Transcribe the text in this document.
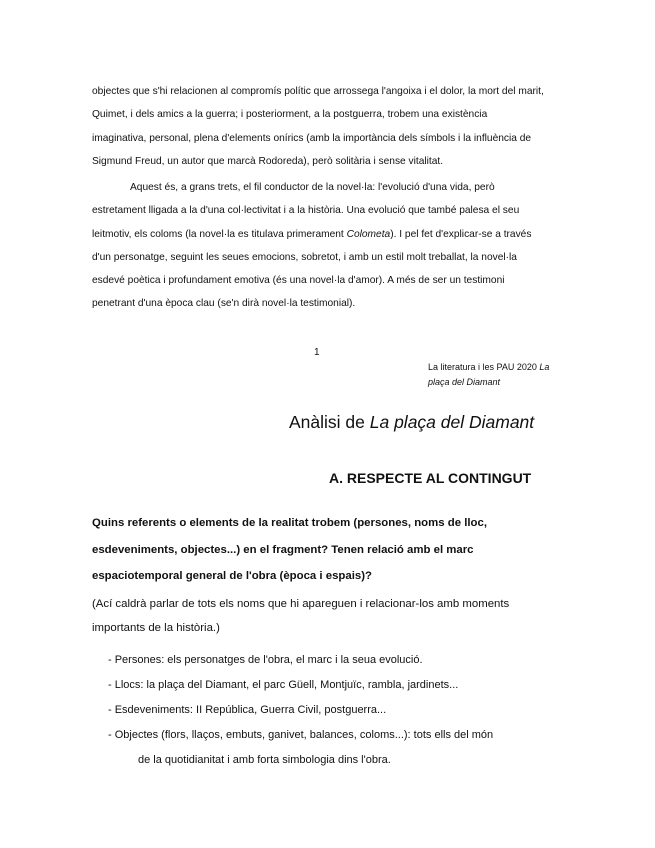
objectes que s'hi relacionen al compromís polític que arrossega l'angoixa i el dolor, la mort del marit, Quimet, i dels amics a la guerra; i posteriorment, a la postguerra, trobem una existència imaginativa, personal, plena d'elements onírics (amb la importància dels símbols i la influència de Sigmund Freud, un autor que marcà Rodoreda), però solitària i sense vitalitat.

Aquest és, a grans trets, el fil conductor de la novel·la: l'evolució d'una vida, però estretament lligada a la d'una col·lectivitat i a la història. Una evolució que també palesa el seu leitmotiv, els coloms (la novel·la es titulava primerament Colometa). I pel fet d'explicar-se a través d'un personatge, seguint les seues emocions, sobretot, i amb un estil molt treballat, la novel·la esdevé poètica i profundament emotiva (és una novel·la d'amor). A més de ser un testimoni penetrant d'una època clau (se'n dirà novel·la testimonial).

1
La literatura i les PAU 2020 La plaça del Diamant
Anàlisi de La plaça del Diamant
A. RESPECTE AL CONTINGUT

Quins referents o elements de la realitat trobem (persones, noms de lloc, esdeveniments, objectes...) en el fragment? Tenen relació amb el marc espaciotemporal general de l'obra (època i espais)?

(Ací caldrà parlar de tots els noms que hi apareguen i relacionar-los amb moments importants de la història.)

- Persones: els personatges de l'obra, el marc i la seua evolució.
- Llocs: la plaça del Diamant, el parc Güell, Montjuïc, rambla, jardinets...
- Esdeveniments: II República, Guerra Civil, postguerra...
- Objectes (flors, llaços, embuts, ganivet, balances, coloms...): tots ells del món
de la quotidianitat i amb forta simbologia dins l'obra.
